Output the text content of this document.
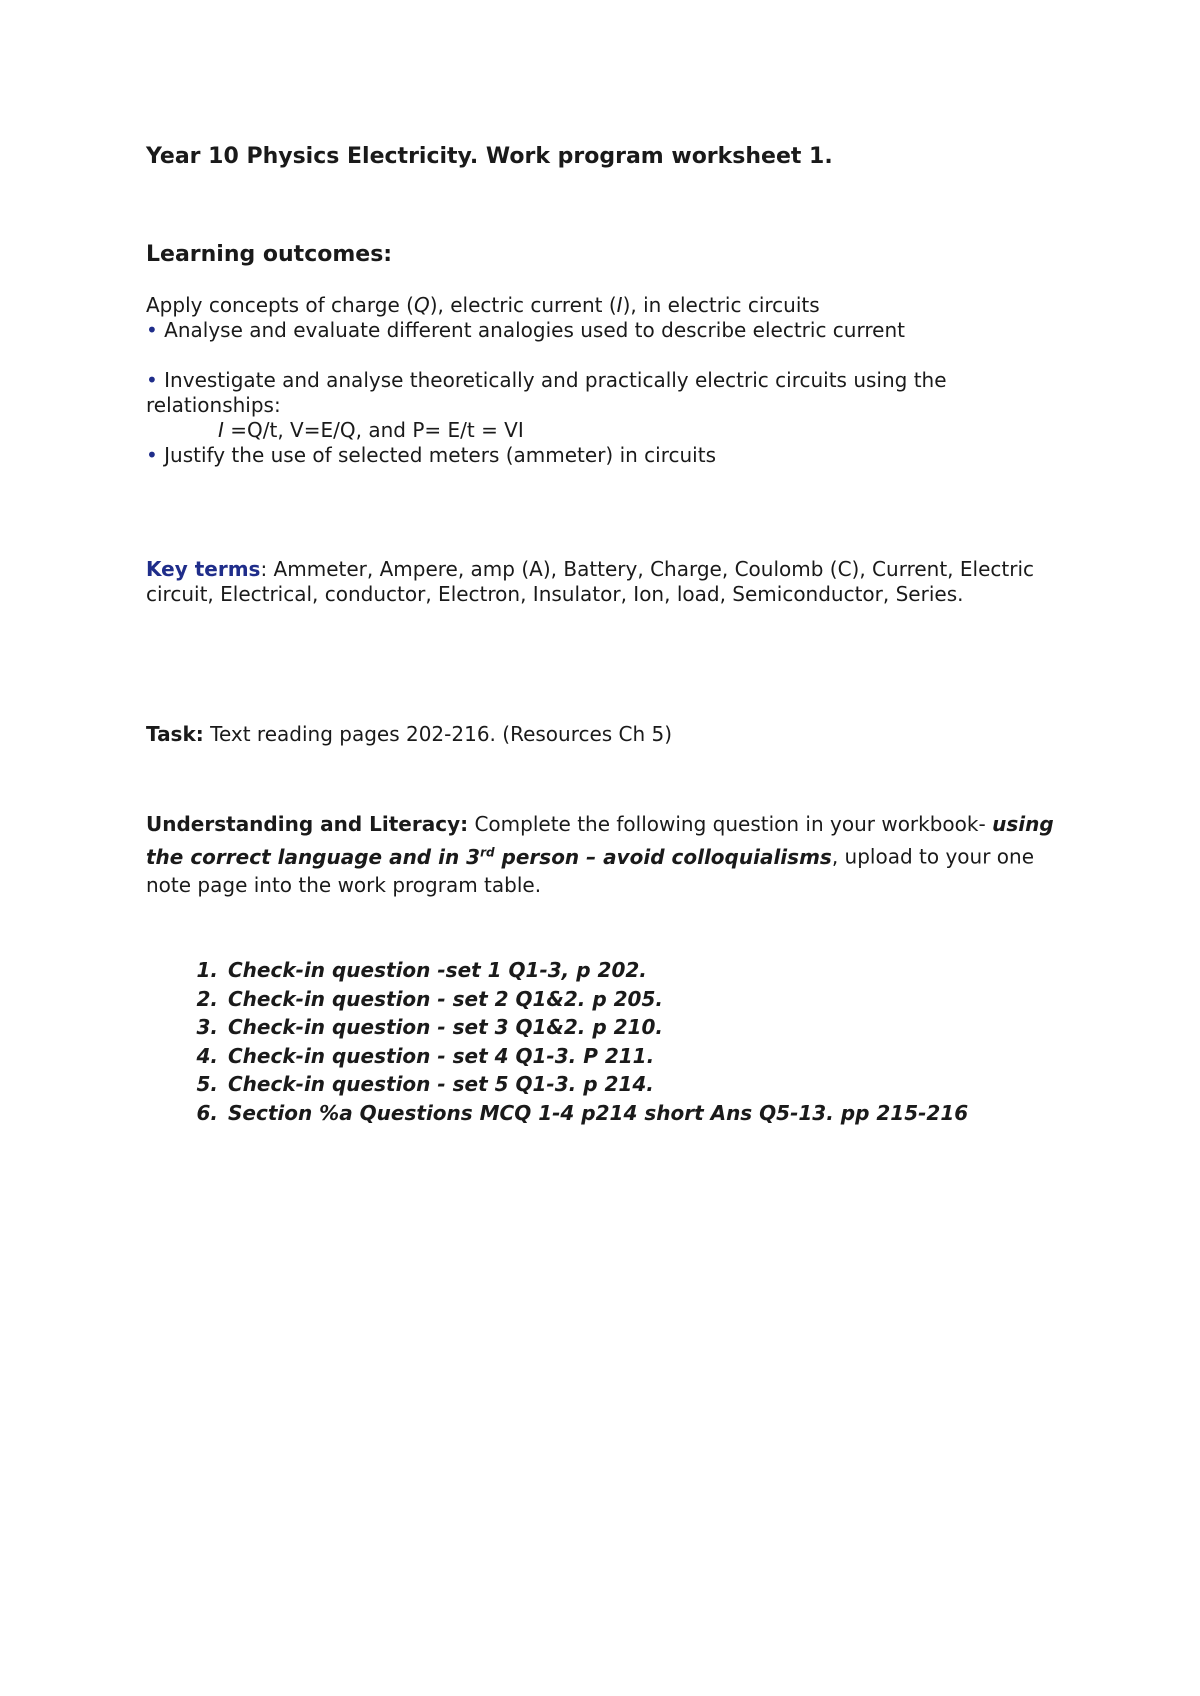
Year 10 Physics Electricity. Work program worksheet 1.
Learning outcomes:

Apply concepts of charge (Q), electric current (I), in electric circuits

• Analyse and evaluate different analogies used to describe electric current

• Investigate and analyse theoretically and practically electric circuits using the relationships:

I =Q/t, V=E/Q, and P= E/t = VI

• Justify the use of selected meters (ammeter) in circuits

Key terms: Ammeter, Ampere, amp (A), Battery, Charge, Coulomb (C), Current, Electric circuit, Electrical, conductor, Electron, Insulator, Ion, load, Semiconductor, Series.

Task: Text reading pages 202-216. (Resources Ch 5)

Understanding and Literacy: Complete the following question in your workbook- using the correct language and in 3rd person – avoid colloquialisms, upload to your one note page into the work program table.

1. Check-in question -set 1 Q1-3, p 202.
2. Check-in question - set 2 Q1&2. p 205.
3. Check-in question - set 3 Q1&2. p 210.
4. Check-in question - set 4 Q1-3. P 211.
5. Check-in question - set 5 Q1-3. p 214.
6. Section %a Questions MCQ 1-4 p214 short Ans Q5-13. pp 215-216
